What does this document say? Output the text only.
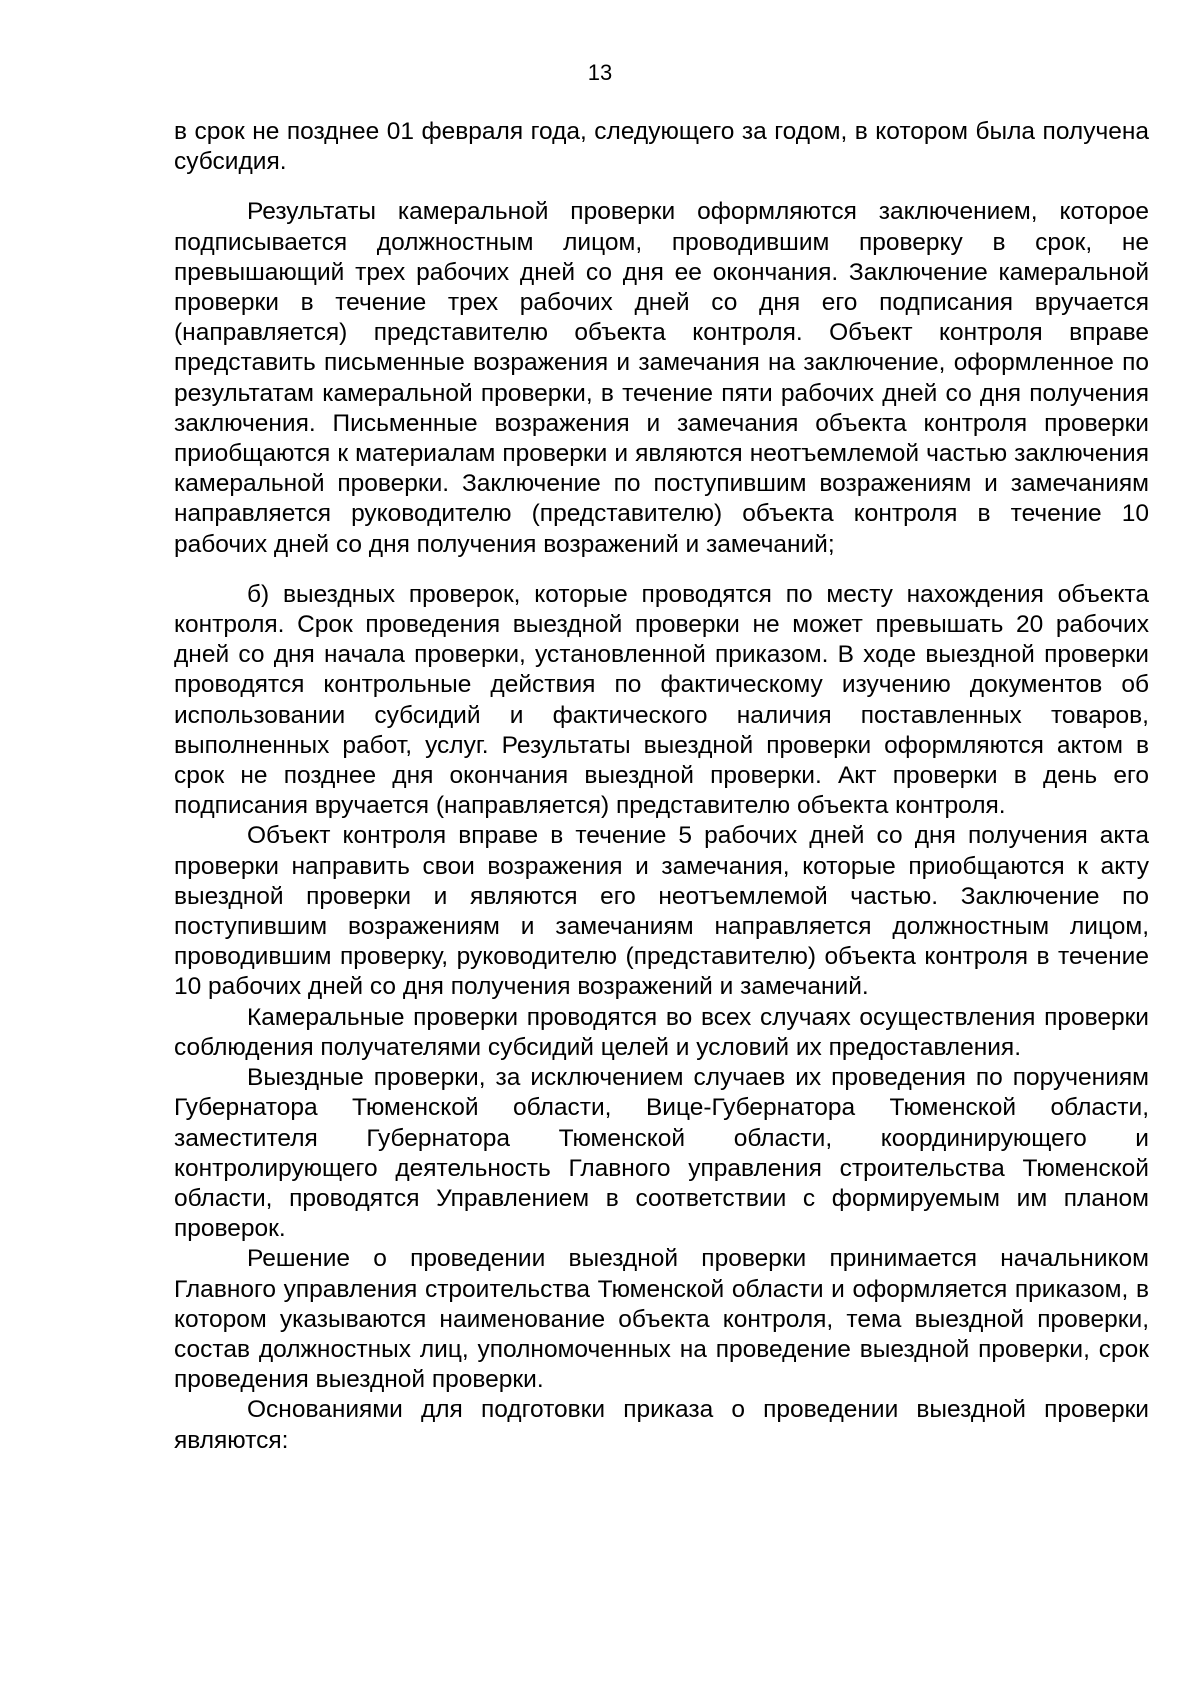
13

в срок не позднее 01 февраля года, следующего за годом, в котором была получена субсидия.

Результаты камеральной проверки оформляются заключением, которое подписывается должностным лицом, проводившим проверку в срок, не превышающий трех рабочих дней со дня ее окончания. Заключение камеральной проверки в течение трех рабочих дней со дня его подписания вручается (направляется) представителю объекта контроля. Объект контроля вправе представить письменные возражения и замечания на заключение, оформленное по результатам камеральной проверки, в течение пяти рабочих дней со дня получения заключения. Письменные возражения и замечания объекта контроля проверки приобщаются к материалам проверки и являются неотъемлемой частью заключения камеральной проверки. Заключение по поступившим возражениям и замечаниям направляется руководителю (представителю) объекта контроля в течение 10 рабочих дней со дня получения возражений и замечаний;

б) выездных проверок, которые проводятся по месту нахождения объекта контроля. Срок проведения выездной проверки не может превышать 20 рабочих дней со дня начала проверки, установленной приказом. В ходе выездной проверки проводятся контрольные действия по фактическому изучению документов об использовании субсидий и фактического наличия поставленных товаров, выполненных работ, услуг. Результаты выездной проверки оформляются актом в срок не позднее дня окончания выездной проверки. Акт проверки в день его подписания вручается (направляется) представителю объекта контроля.

Объект контроля вправе в течение 5 рабочих дней со дня получения акта проверки направить свои возражения и замечания, которые приобщаются к акту выездной проверки и являются его неотъемлемой частью. Заключение по поступившим возражениям и замечаниям направляется должностным лицом, проводившим проверку, руководителю (представителю) объекта контроля в течение 10 рабочих дней со дня получения возражений и замечаний.

Камеральные проверки проводятся во всех случаях осуществления проверки соблюдения получателями субсидий целей и условий их предоставления.

Выездные проверки, за исключением случаев их проведения по поручениям Губернатора Тюменской области, Вице-Губернатора Тюменской области, заместителя Губернатора Тюменской области, координирующего и контролирующего деятельность Главного управления строительства Тюменской области, проводятся Управлением в соответствии с формируемым им планом проверок.

Решение о проведении выездной проверки принимается начальником Главного управления строительства Тюменской области и оформляется приказом, в котором указываются наименование объекта контроля, тема выездной проверки, состав должностных лиц, уполномоченных на проведение выездной проверки, срок проведения выездной проверки.

Основаниями для подготовки приказа о проведении выездной проверки являются:
